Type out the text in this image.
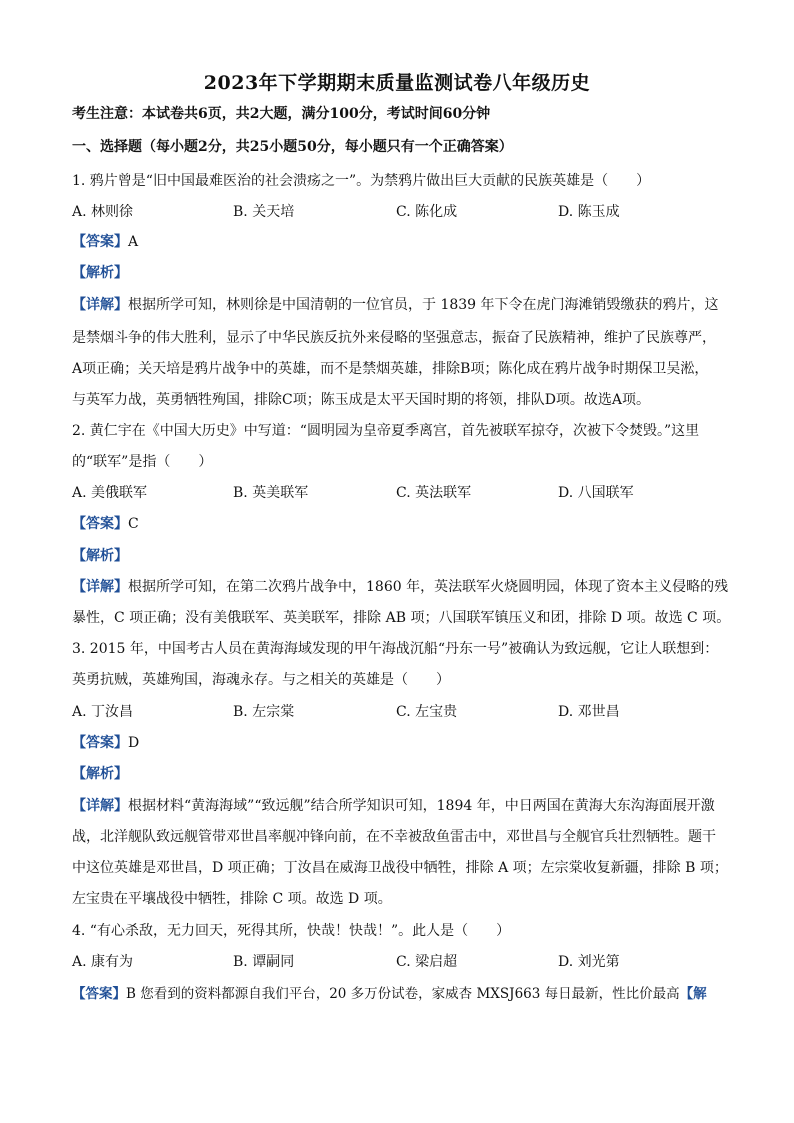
2023年下学期期末质量监测试卷八年级历史
考生注意：本试卷共6页，共2大题，满分100分，考试时间60分钟
一、选择题（每小题2分，共25小题50分，每小题只有一个正确答案）
1. 鸦片曾是“旧中国最难医治的社会溃疡之一”。为禁鸦片做出巨大贡献的民族英雄是（　　）
A. 林则徐	B. 关天培	C. 陈化成	D. 陈玉成
【答案】A
【解析】
【详解】根据所学可知，林则徐是中国清朝的一位官员，于 1839 年下令在虎门海滩销毁缴获的鸦片，这
是禁烟斗争的伟大胜利，显示了中华民族反抗外来侵略的坚强意志，振奋了民族精神，维护了民族尊严，
A项正确；关天培是鸦片战争中的英雄，而不是禁烟英雄，排除B项；陈化成在鸦片战争时期保卫吴淞，
与英军力战，英勇牺牲殉国，排除C项；陈玉成是太平天国时期的将领，排队D项。故选A项。
2. 黄仁宇在《中国大历史》中写道：“圆明园为皇帝夏季离宫，首先被联军掠夺，次被下令焚毁。”这里
的“联军”是指（　　）
A. 美俄联军	B. 英美联军	C. 英法联军	D. 八国联军
【答案】C
【解析】
【详解】根据所学可知，在第二次鸦片战争中，1860 年，英法联军火烧圆明园，体现了资本主义侵略的残
暴性，C 项正确；没有美俄联军、英美联军，排除 AB 项；八国联军镇压义和团，排除 D 项。故选 C 项。
3. 2015 年，中国考古人员在黄海海域发现的甲午海战沉船“丹东一号”被确认为致远舰，它让人联想到：
英勇抗贼，英雄殉国，海魂永存。与之相关的英雄是（　　）
A. 丁汝昌	B. 左宗棠	C. 左宝贵	D. 邓世昌
【答案】D
【解析】
【详解】根据材料“黄海海域”“致远舰”结合所学知识可知，1894 年，中日两国在黄海大东沟海面展开激
战，北洋舰队致远舰管带邓世昌率舰冲锋向前，在不幸被敌鱼雷击中，邓世昌与全舰官兵壮烈牺牲。题干
中这位英雄是邓世昌，D 项正确；丁汝昌在威海卫战役中牺牲，排除 A 项；左宗棠收复新疆，排除 B 项；
左宝贵在平壤战役中牺牲，排除 C 项。故选 D 项。
4. “有心杀敌，无力回天，死得其所，快哉！快哉！”。此人是（　　）
A. 康有为	B. 谭嗣同	C. 梁启超	D. 刘光第
【答案】B 您看到的资料都源自我们平台，20 多万份试卷，家威杏 MXSJ663 每日最新，性比价最高【解
